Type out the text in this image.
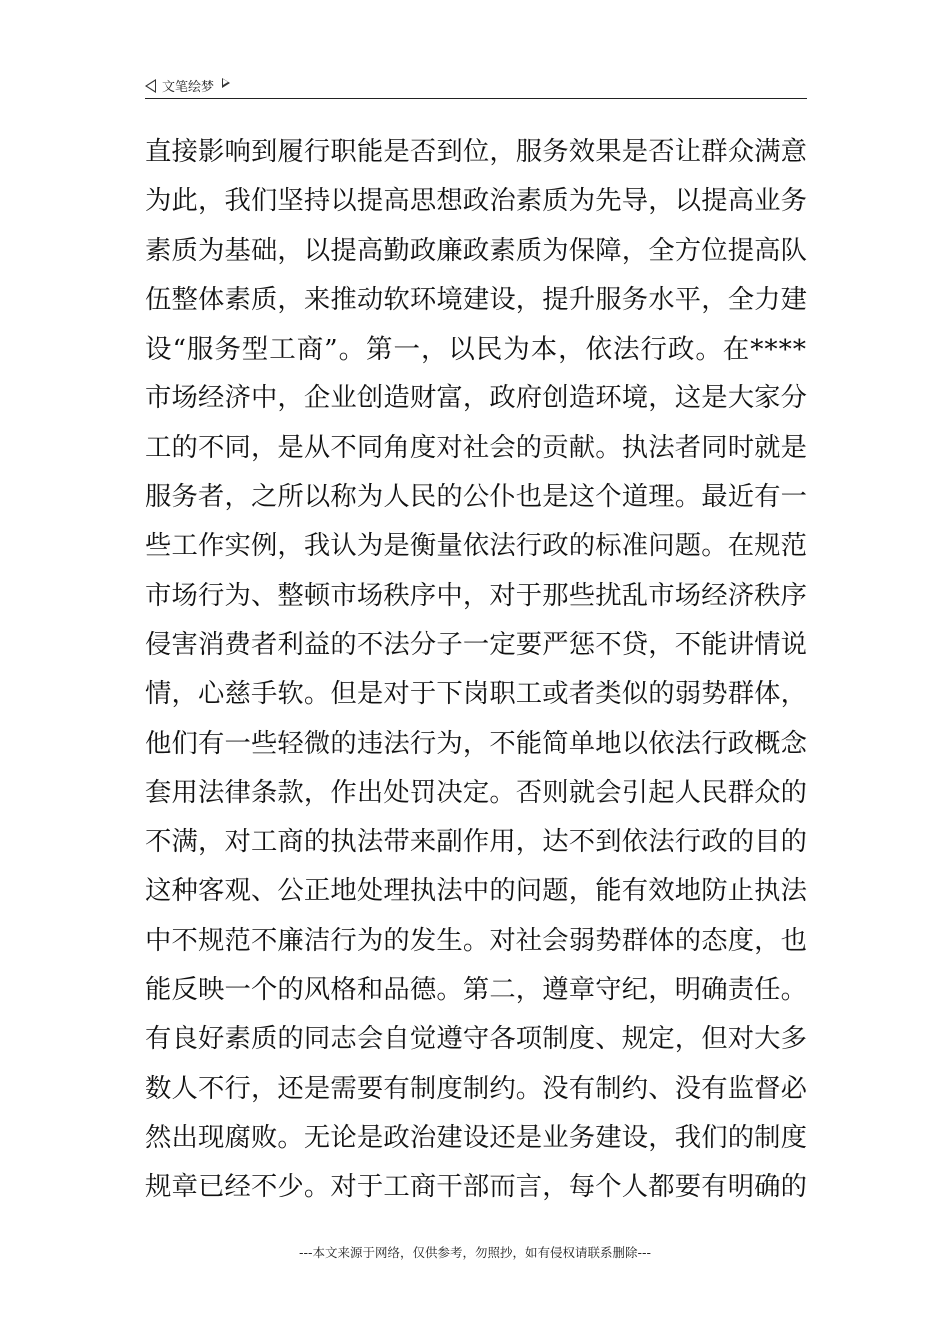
文笔绘梦
直接影响到履行职能是否到位，服务效果是否让群众满意
为此，我们坚持以提高思想政治素质为先导，以提高业务
素质为基础，以提高勤政廉政素质为保障，全方位提高队
伍整体素质，来推动软环境建设，提升服务水平，全力建
设“服务型工商”。第一，以民为本，依法行政。在****
市场经济中，企业创造财富，政府创造环境，这是大家分
工的不同，是从不同角度对社会的贡献。执法者同时就是
服务者，之所以称为人民的公仆也是这个道理。最近有一
些工作实例，我认为是衡量依法行政的标准问题。在规范
市场行为、整顿市场秩序中，对于那些扰乱市场经济秩序
侵害消费者利益的不法分子一定要严惩不贷，不能讲情说
情，心慈手软。但是对于下岗职工或者类似的弱势群体，
他们有一些轻微的违法行为，不能简单地以依法行政概念
套用法律条款，作出处罚决定。否则就会引起人民群众的
不满，对工商的执法带来副作用，达不到依法行政的目的
这种客观、公正地处理执法中的问题，能有效地防止执法
中不规范不廉洁行为的发生。对社会弱势群体的态度，也
能反映一个的风格和品德。第二，遵章守纪，明确责任。
有良好素质的同志会自觉遵守各项制度、规定，但对大多
数人不行，还是需要有制度制约。没有制约、没有监督必
然出现腐败。无论是政治建设还是业务建设，我们的制度
规章已经不少。对于工商干部而言，每个人都要有明确的
---本文来源于网络，仅供参考，勿照抄，如有侵权请联系删除---
